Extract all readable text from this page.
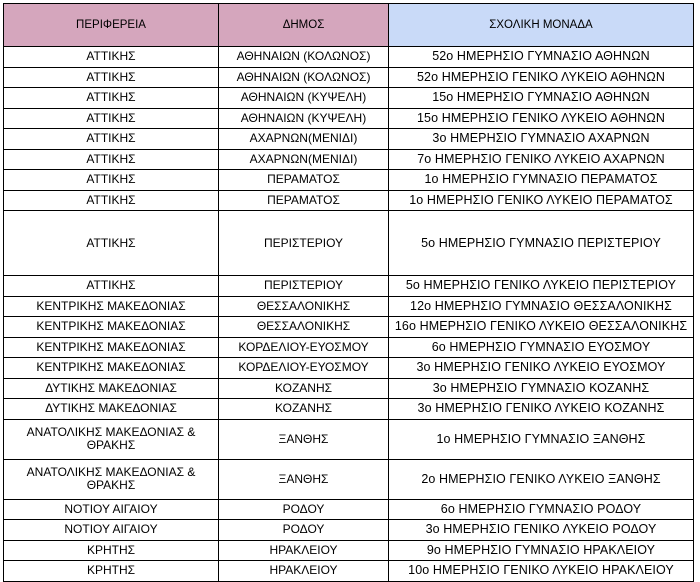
ΠΕΡΙΦΕΡΕΙΑ	ΔΗΜΟΣ	ΣΧΟΛΙΚΗ ΜΟΝΑΔΑ
ΑΤΤΙΚΗΣ	ΑΘΗΝΑΙΩΝ (ΚΟΛΩΝΟΣ)	52ο ΗΜΕΡΗΣΙΟ ΓΥΜΝΑΣΙΟ ΑΘΗΝΩΝ
ΑΤΤΙΚΗΣ	ΑΘΗΝΑΙΩΝ (ΚΟΛΩΝΟΣ)	52ο ΗΜΕΡΗΣΙΟ ΓΕΝΙΚΟ ΛΥΚΕΙΟ ΑΘΗΝΩΝ
ΑΤΤΙΚΗΣ	ΑΘΗΝΑΙΩΝ (ΚΥΨΕΛΗ)	15ο ΗΜΕΡΗΣΙΟ ΓΥΜΝΑΣΙΟ ΑΘΗΝΩΝ
ΑΤΤΙΚΗΣ	ΑΘΗΝΑΙΩΝ (ΚΥΨΕΛΗ)	15ο ΗΜΕΡΗΣΙΟ ΓΕΝΙΚΟ ΛΥΚΕΙΟ ΑΘΗΝΩΝ
ΑΤΤΙΚΗΣ	ΑΧΑΡΝΩΝ(ΜΕΝΙΔΙ)	3ο ΗΜΕΡΗΣΙΟ ΓΥΜΝΑΣΙΟ ΑΧΑΡΝΩΝ
ΑΤΤΙΚΗΣ	ΑΧΑΡΝΩΝ(ΜΕΝΙΔΙ)	7ο ΗΜΕΡΗΣΙΟ ΓΕΝΙΚΟ ΛΥΚΕΙΟ ΑΧΑΡΝΩΝ
ΑΤΤΙΚΗΣ	ΠΕΡΑΜΑΤΟΣ	1ο ΗΜΕΡΗΣΙΟ ΓΥΜΝΑΣΙΟ ΠΕΡΑΜΑΤΟΣ
ΑΤΤΙΚΗΣ	ΠΕΡΑΜΑΤΟΣ	1ο ΗΜΕΡΗΣΙΟ ΓΕΝΙΚΟ ΛΥΚΕΙΟ ΠΕΡΑΜΑΤΟΣ
ΑΤΤΙΚΗΣ	ΠΕΡΙΣΤΕΡΙΟΥ	5ο ΗΜΕΡΗΣΙΟ ΓΥΜΝΑΣΙΟ ΠΕΡΙΣΤΕΡΙΟΥ
ΑΤΤΙΚΗΣ	ΠΕΡΙΣΤΕΡΙΟΥ	5ο ΗΜΕΡΗΣΙΟ ΓΕΝΙΚΟ ΛΥΚΕΙΟ ΠΕΡΙΣΤΕΡΙΟΥ
ΚΕΝΤΡΙΚΗΣ ΜΑΚΕΔΟΝΙΑΣ	ΘΕΣΣΑΛΟΝΙΚΗΣ	12ο ΗΜΕΡΗΣΙΟ ΓΥΜΝΑΣΙΟ ΘΕΣΣΑΛΟΝΙΚΗΣ
ΚΕΝΤΡΙΚΗΣ ΜΑΚΕΔΟΝΙΑΣ	ΘΕΣΣΑΛΟΝΙΚΗΣ	16ο ΗΜΕΡΗΣΙΟ ΓΕΝΙΚΟ ΛΥΚΕΙΟ ΘΕΣΣΑΛΟΝΙΚΗΣ
ΚΕΝΤΡΙΚΗΣ ΜΑΚΕΔΟΝΙΑΣ	ΚΟΡΔΕΛΙΟΥ-ΕΥΟΣΜΟΥ	6ο ΗΜΕΡΗΣΙΟ ΓΥΜΝΑΣΙΟ ΕΥΟΣΜΟΥ
ΚΕΝΤΡΙΚΗΣ ΜΑΚΕΔΟΝΙΑΣ	ΚΟΡΔΕΛΙΟΥ-ΕΥΟΣΜΟΥ	3ο ΗΜΕΡΗΣΙΟ ΓΕΝΙΚΟ ΛΥΚΕΙΟ ΕΥΟΣΜΟΥ
ΔΥΤΙΚΗΣ ΜΑΚΕΔΟΝΙΑΣ	ΚΟΖΑΝΗΣ	3ο ΗΜΕΡΗΣΙΟ ΓΥΜΝΑΣΙΟ ΚΟΖΑΝΗΣ
ΔΥΤΙΚΗΣ ΜΑΚΕΔΟΝΙΑΣ	ΚΟΖΑΝΗΣ	3ο ΗΜΕΡΗΣΙΟ ΓΕΝΙΚΟ ΛΥΚΕΙΟ ΚΟΖΑΝΗΣ
ΑΝΑΤΟΛΙΚΗΣ ΜΑΚΕΔΟΝΙΑΣ & ΘΡΑΚΗΣ	ΞΑΝΘΗΣ	1ο ΗΜΕΡΗΣΙΟ ΓΥΜΝΑΣΙΟ ΞΑΝΘΗΣ
ΑΝΑΤΟΛΙΚΗΣ ΜΑΚΕΔΟΝΙΑΣ & ΘΡΑΚΗΣ	ΞΑΝΘΗΣ	2ο ΗΜΕΡΗΣΙΟ ΓΕΝΙΚΟ ΛΥΚΕΙΟ ΞΑΝΘΗΣ
ΝΟΤΙΟΥ ΑΙΓΑΙΟΥ	ΡΟΔΟΥ	6ο ΗΜΕΡΗΣΙΟ ΓΥΜΝΑΣΙΟ ΡΟΔΟΥ
ΝΟΤΙΟΥ ΑΙΓΑΙΟΥ	ΡΟΔΟΥ	3ο ΗΜΕΡΗΣΙΟ ΓΕΝΙΚΟ ΛΥΚΕΙΟ ΡΟΔΟΥ
ΚΡΗΤΗΣ	ΗΡΑΚΛΕΙΟΥ	9ο ΗΜΕΡΗΣΙΟ ΓΥΜΝΑΣΙΟ ΗΡΑΚΛΕΙΟΥ
ΚΡΗΤΗΣ	ΗΡΑΚΛΕΙΟΥ	10ο ΗΜΕΡΗΣΙΟ ΓΕΝΙΚΟ ΛΥΚΕΙΟ ΗΡΑΚΛΕΙΟΥ
